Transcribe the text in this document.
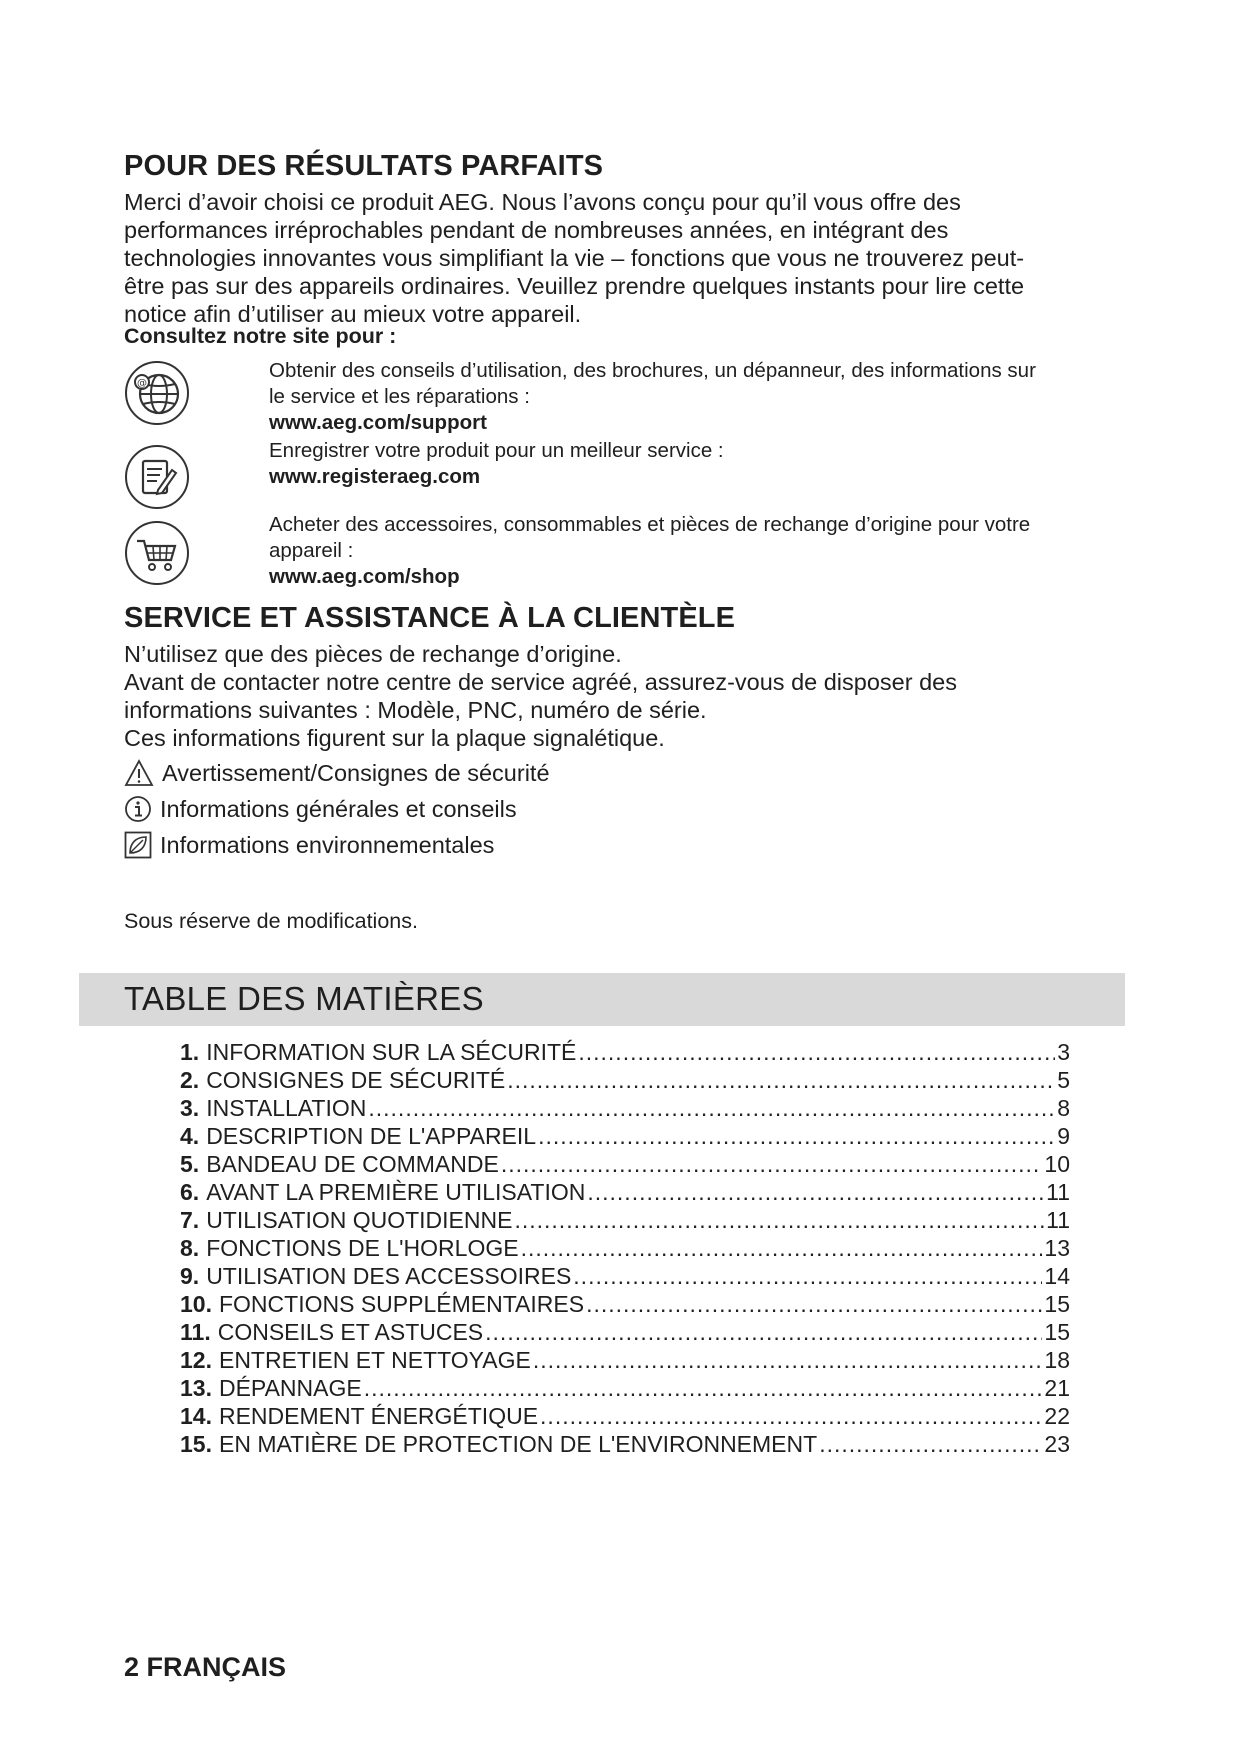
POUR DES RÉSULTATS PARFAITS

Merci d’avoir choisi ce produit AEG. Nous l’avons conçu pour qu’il vous offre des

performances irréprochables pendant de nombreuses années, en intégrant des

technologies innovantes vous simplifiant la vie – fonctions que vous ne trouverez peut-

être pas sur des appareils ordinaires. Veuillez prendre quelques instants pour lire cette

notice afin d’utiliser au mieux votre appareil.

Consultez notre site pour :
@
Obtenir des conseils d’utilisation, des brochures, un dépanneur, des informations sur
le service et les réparations :
www.aeg.com/support
Enregistrer votre produit pour un meilleur service :
www.registeraeg.com
Acheter des accessoires, consommables et pièces de rechange d’origine pour votre
appareil :
www.aeg.com/shop
SERVICE ET ASSISTANCE À LA CLIENTÈLE

N’utilisez que des pièces de rechange d’origine.

Avant de contacter notre centre de service agréé, assurez-vous de disposer des

informations suivantes : Modèle, PNC, numéro de série.

Ces informations figurent sur la plaque signalétique.

Avertissement/Consignes de sécurité
Informations générales et conseils
Informations environnementales
Sous réserve de modifications.
TABLE DES MATIÈRES
1. INFORMATION SUR LA SÉCURITÉ .....	3
2. CONSIGNES DE SÉCURITÉ .....	5
3. INSTALLATION .....	8
4. DESCRIPTION DE L'APPAREIL .....	9
5. BANDEAU DE COMMANDE .....	10
6. AVANT LA PREMIÈRE UTILISATION .....	11
7. UTILISATION QUOTIDIENNE .....	11
8. FONCTIONS DE L'HORLOGE .....	13
9. UTILISATION DES ACCESSOIRES .....	14
10. FONCTIONS SUPPLÉMENTAIRES .....	15
11. CONSEILS ET ASTUCES .....	15
12. ENTRETIEN ET NETTOYAGE .....	18
13. DÉPANNAGE .....	21
14. RENDEMENT ÉNERGÉTIQUE .....	22
15. EN MATIÈRE DE PROTECTION DE L'ENVIRONNEMENT .....	23
2 FRANÇAIS
